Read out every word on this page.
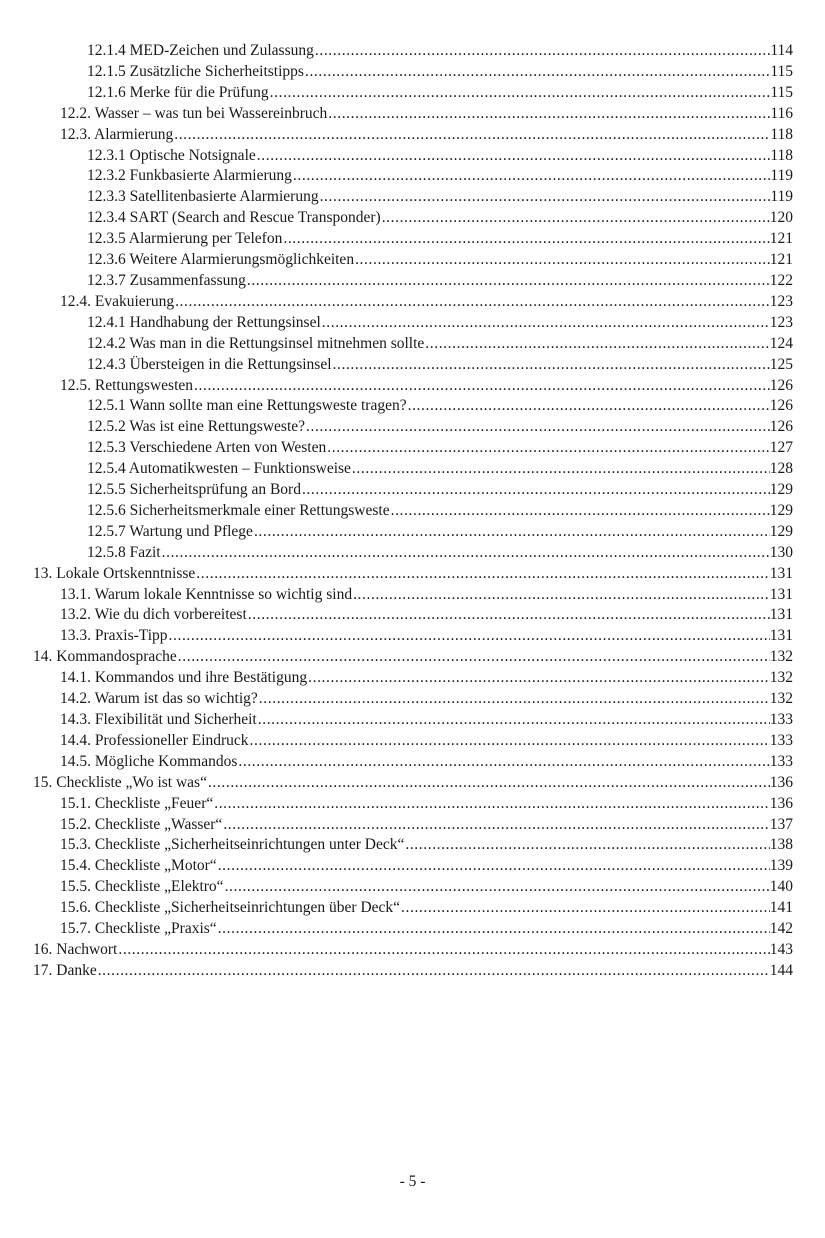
12.1.4 MED-Zeichen und Zulassung .....	114
12.1.5 Zusätzliche Sicherheitstipps .....	115
12.1.6 Merke für die Prüfung .....	115
12.2. Wasser – was tun bei Wassereinbruch .....	116
12.3. Alarmierung .....	118
12.3.1 Optische Notsignale .....	118
12.3.2 Funkbasierte Alarmierung .....	119
12.3.3 Satellitenbasierte Alarmierung .....	119
12.3.4 SART (Search and Rescue Transponder) .....	120
12.3.5 Alarmierung per Telefon .....	121
12.3.6 Weitere Alarmierungsmöglichkeiten .....	121
12.3.7 Zusammenfassung .....	122
12.4. Evakuierung .....	123
12.4.1 Handhabung der Rettungsinsel .....	123
12.4.2 Was man in die Rettungsinsel mitnehmen sollte .....	124
12.4.3 Übersteigen in die Rettungsinsel .....	125
12.5. Rettungswesten .....	126
12.5.1 Wann sollte man eine Rettungsweste tragen? .....	126
12.5.2 Was ist eine Rettungsweste? .....	126
12.5.3 Verschiedene Arten von Westen .....	127
12.5.4 Automatikwesten – Funktionsweise .....	128
12.5.5 Sicherheitsprüfung an Bord .....	129
12.5.6 Sicherheitsmerkmale einer Rettungsweste .....	129
12.5.7 Wartung und Pflege .....	129
12.5.8 Fazit .....	130
13. Lokale Ortskenntnisse .....	131
13.1. Warum lokale Kenntnisse so wichtig sind .....	131
13.2. Wie du dich vorbereitest .....	131
13.3. Praxis-Tipp .....	131
14. Kommandosprache .....	132
14.1. Kommandos und ihre Bestätigung .....	132
14.2. Warum ist das so wichtig? .....	132
14.3. Flexibilität und Sicherheit .....	133
14.4. Professioneller Eindruck .....	133
14.5. Mögliche Kommandos .....	133
15. Checkliste „Wo ist was“ .....	136
15.1. Checkliste „Feuer“ .....	136
15.2. Checkliste „Wasser“ .....	137
15.3. Checkliste „Sicherheitseinrichtungen unter Deck“ .....	138
15.4. Checkliste „Motor“ .....	139
15.5. Checkliste „Elektro“ .....	140
15.6. Checkliste „Sicherheitseinrichtungen über Deck“ .....	141
15.7. Checkliste „Praxis“ .....	142
16. Nachwort .....	143
17. Danke .....	144
- 5 -
